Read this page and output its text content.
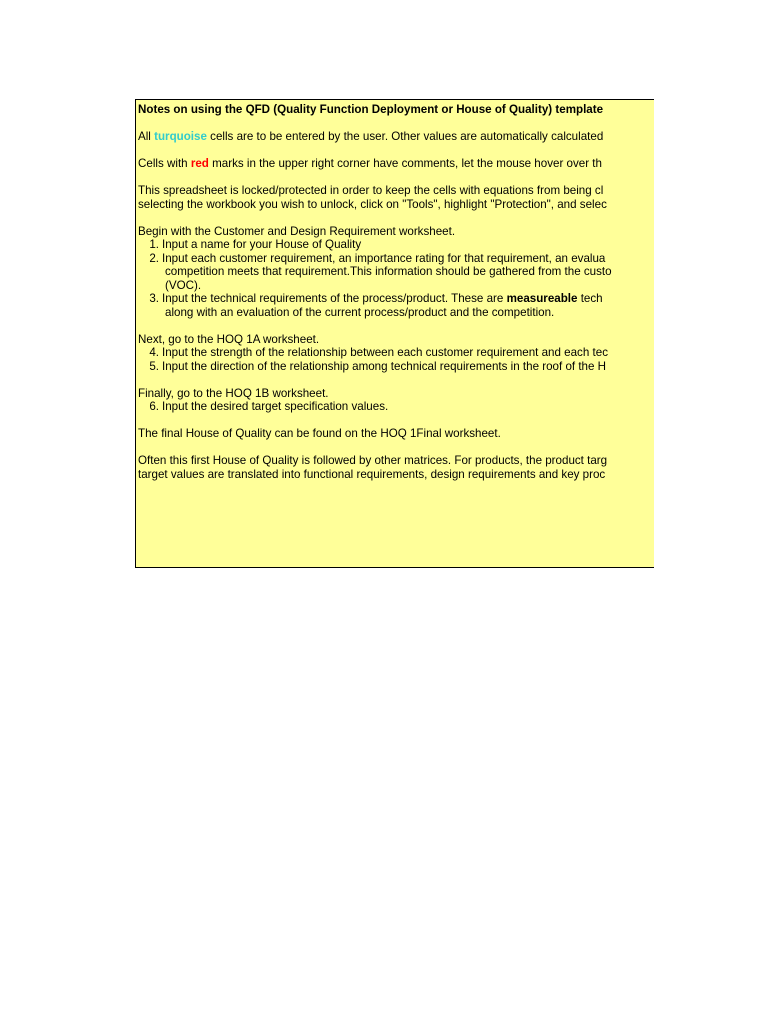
Notes on using the QFD (Quality Function Deployment or House of Quality) template
All turquoise cells are to be entered by the user. Other values are automatically calculated
Cells with red marks in the upper right corner have comments, let the mouse hover over th
This spreadsheet is locked/protected in order to keep the cells with equations from being cl
selecting the workbook you wish to unlock, click on "Tools", highlight "Protection", and selec
Begin with the Customer and Design Requirement worksheet.
1. Input a name for your House of Quality
2. Input each customer requirement, an importance rating for that requirement, an evalua
competition meets that requirement.This information should be gathered from the custo
(VOC).
3. Input the technical requirements of the process/product. These are measureable tech
along with an evaluation of the current process/product and the competition.
Next, go to the HOQ 1A worksheet.
4. Input the strength of the relationship between each customer requirement and each tec
5. Input the direction of the relationship among technical requirements in the roof of the H
Finally, go to the HOQ 1B worksheet.
6. Input the desired target specification values.
The final House of Quality can be found on the HOQ 1Final worksheet.
Often this first House of Quality is followed by other matrices. For products, the product targ
target values are translated into functional requirements, design requirements and key proc
